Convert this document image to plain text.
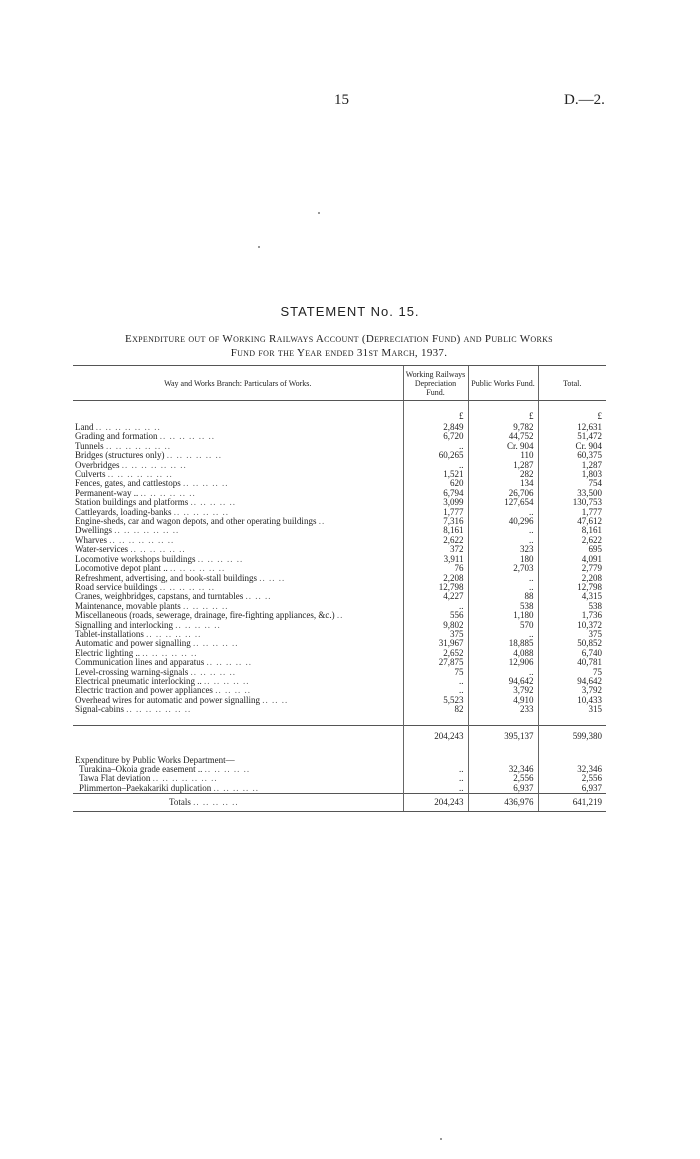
15	D.—2.
STATEMENT No. 15.
Expenditure out of Working Railways Account (Depreciation Fund) and Public Works
Fund for the Year ended 31st March, 1937.
Way and Works Branch: Particulars of Works.	Working Railways Depreciation Fund.	Public Works Fund.	Total.

	£	£	£
Land .. .. .. .. .. .. ..	2,849	9,782	12,631
Grading and formation .. .. .. .. .. ..	6,720	44,752	51,472
Tunnels .. .. .. .. .. .. ..	..	Cr. 904	Cr. 904
Bridges (structures only) .. .. .. .. .. ..	60,265	110	60,375
Overbridges .. .. .. .. .. .. ..	..	1,287	1,287
Culverts .. .. .. .. .. .. ..	1,521	282	1,803
Fences, gates, and cattlestops .. .. .. .. ..	620	134	754
Permanent-way .. .. .. .. .. .. ..	6,794	26,706	33,500
Station buildings and platforms .. .. .. .. ..	3,099	127,654	130,753
Cattleyards, loading-banks .. .. .. .. .. ..	1,777	..	1,777
Engine-sheds, car and wagon depots, and other operating buildings ..	7,316	40,296	47,612
Dwellings .. .. .. .. .. .. ..	8,161	..	8,161
Wharves .. .. .. .. .. .. ..	2,622	..	2,622
Water-services .. .. .. .. .. ..	372	323	695
Locomotive workshops buildings .. .. .. .. ..	3,911	180	4,091
Locomotive depot plant .. .. .. .. .. .. ..	76	2,703	2,779
Refreshment, advertising, and book-stall buildings .. .. ..	2,208	..	2,208
Road service buildings .. .. .. .. .. ..	12,798	..	12,798
Cranes, weighbridges, capstans, and turntables .. .. ..	4,227	88	4,315
Maintenance, movable plants .. .. .. .. ..	..	538	538
Miscellaneous (roads, sewerage, drainage, fire-fighting appliances, &c.) ..	556	1,180	1,736
Signalling and interlocking .. .. .. .. ..	9,802	570	10,372
Tablet-installations .. .. .. .. .. ..	375	..	375
Automatic and power signalling .. .. .. .. ..	31,967	18,885	50,852
Electric lighting .. .. .. .. .. .. ..	2,652	4,088	6,740
Communication lines and apparatus .. .. .. .. ..	27,875	12,906	40,781
Level-crossing warning-signals .. .. .. .. ..	75	..	75
Electrical pneumatic interlocking .. .. .. .. .. ..	..	94,642	94,642
Electric traction and power appliances .. .. .. ..	..	3,792	3,792
Overhead wires for automatic and power signalling .. .. ..	5,523	4,910	10,433
Signal-cabins .. .. .. .. .. .. ..	82	233	315

	204,243	395,137	599,380

Expenditure by Public Works Department—			
Turakina–Okoia grade easement .. .. .. .. .. ..	..	32,346	32,346
Tawa Flat deviation .. .. .. .. .. .. ..	..	2,556	2,556
Plimmerton–Paekakariki duplication .. .. .. .. ..	..	6,937	6,937
Totals .. .. .. .. ..	204,243	436,976	641,219
